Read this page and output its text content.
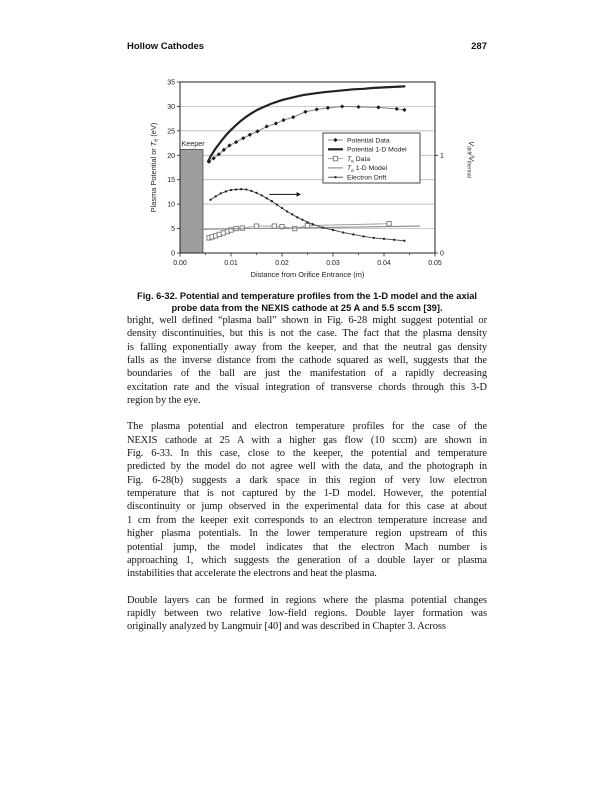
Hollow Cathodes	287
Keeper
0
5
10
15
20
25
30
35
0.00	0.01	0.02	0.03	0.04	0.05
0
1
Distance from Orifice Entrance (m)
Plasma Potential or $T_e$ (eV)
$V_{drift}/V_{thermal}$
Potential Data
Potential 1-D Model
$T_e$ Data
$T_e$ 1-D Model
Electron Drift
Fig. 6-32. Potential and temperature profiles from the 1-D model and the axial
probe data from the NEXIS cathode at 25 A and 5.5 sccm [39].
bright, well defined “plasma ball” shown in Fig. 6-28 might suggest potential or
density discontinuities, but this is not the case. The fact that the plasma density
is falling exponentially away from the keeper, and that the neutral gas density
falls as the inverse distance from the cathode squared as well, suggests that the
boundaries of the ball are just the manifestation of a rapidly decreasing
excitation rate and the visual integration of transverse chords through this 3-D
region by the eye.
The plasma potential and electron temperature profiles for the case of the
NEXIS cathode at 25 A with a higher gas flow (10 sccm) are shown in
Fig. 6-33. In this case, close to the keeper, the potential and temperature
predicted by the model do not agree well with the data, and the photograph in
Fig. 6-28(b) suggests a dark space in this region of very low electron
temperature that is not captured by the 1-D model. However, the potential
discontinuity or jump observed in the experimental data for this case at about
1 cm from the keeper exit corresponds to an electron temperature increase and
higher plasma potentials. In the lower temperature region upstream of this
potential jump, the model indicates that the electron Mach number is
approaching 1, which suggests the generation of a double layer or plasma
instabilities that accelerate the electrons and heat the plasma.
Double layers can be formed in regions where the plasma potential changes
rapidly between two relative low-field regions. Double layer formation was
originally analyzed by Langmuir [40] and was described in Chapter 3. Across
